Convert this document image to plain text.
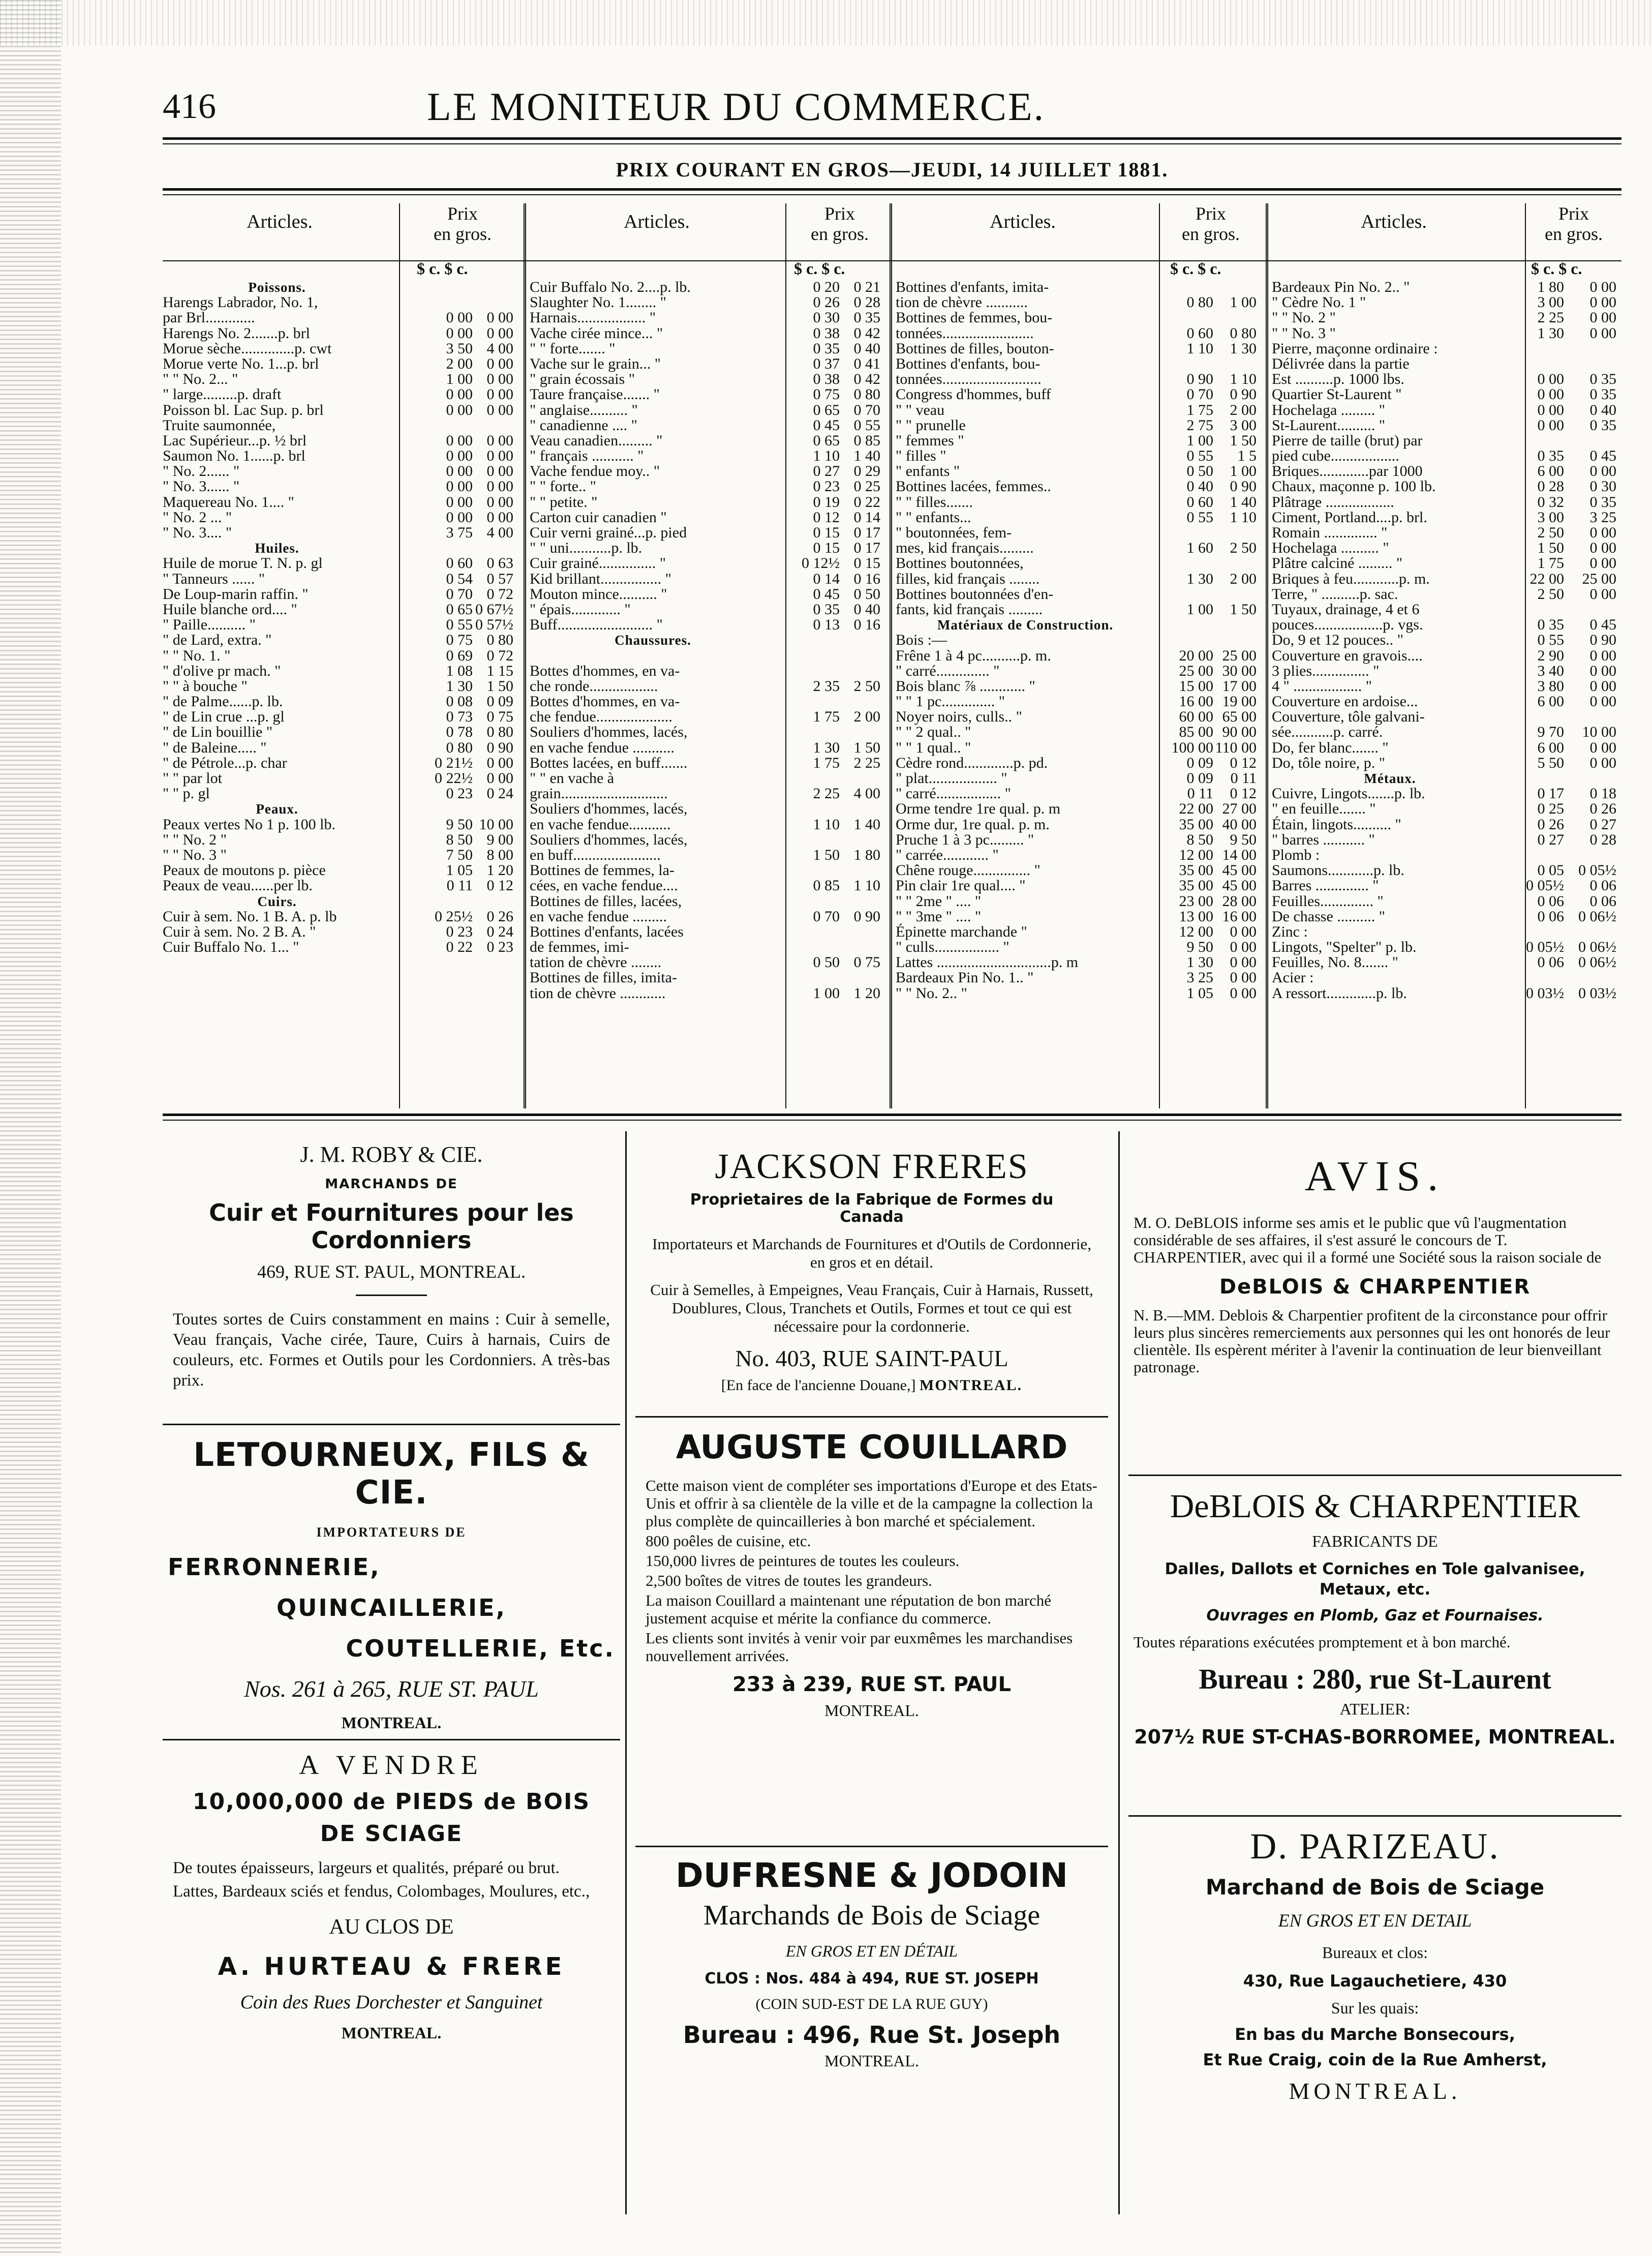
416	LE MONITEUR DU COMMERCE.
PRIX COURANT EN GROS—JEUDI, 14 JUILLET 1881.
Articles.	Prix
en gros.
$ c. $ c.
Poissons.
Harengs Labrador, No. 1,
par Brl.............	0 00 0 00
Harengs No. 2.......p. brl	0 00 0 00
Morue sèche..............p. cwt	3 50 4 00
Morue verte No. 1...p. brl	2 00 0 00
" " No. 2... "	1 00 0 00
" large.........p. draft	0 00 0 00
Poisson bl. Lac Sup. p. brl	0 00 0 00
Truite saumonnée,
Lac Supérieur...p. ½ brl	0 00 0 00
Saumon No. 1......p. brl	0 00 0 00
" No. 2...... "	0 00 0 00
" No. 3...... "	0 00 0 00
Maquereau No. 1.... "	0 00 0 00
" No. 2 ... "	0 00 0 00
" No. 3.... "	3 75 4 00
Huiles.
Huile de morue T. N. p. gl	0 60 0 63
" Tanneurs ...... "	0 54 0 57
De Loup-marin raffin. "	0 70 0 72
Huile blanche ord.... "	0 65 0 67½
" Paille.......... "	0 55 0 57½
" de Lard, extra. "	0 75 0 80
" " No. 1. "	0 69 0 72
" d'olive pr mach. "	1 08 1 15
" " à bouche "	1 30 1 50
" de Palme......p. lb.	0 08 0 09
" de Lin crue ...p. gl	0 73 0 75
" de Lin bouillie "	0 78 0 80
" de Baleine..... "	0 80 0 90
" de Pétrole...p. char	0 21½ 0 00
" " par lot	0 22½ 0 00
" " p. gl	0 23 0 24
Peaux.
Peaux vertes No 1 p. 100 lb.	9 50 10 00
" " No. 2 "	8 50 9 00
" " No. 3 "	7 50 8 00
Peaux de moutons p. pièce	1 05 1 20
Peaux de veau......per lb.	0 11 0 12
Cuirs.
Cuir à sem. No. 1 B. A. p. lb	0 25½ 0 26
Cuir à sem. No. 2 B. A. "	0 23 0 24
Cuir Buffalo No. 1... "	0 22 0 23
Articles.	Prix
en gros.
$ c. $ c.
Cuir Buffalo No. 2....p. lb.	0 20 0 21
Slaughter No. 1........ "	0 26 0 28
Harnais.................. "	0 30 0 35
Vache cirée mince... "	0 38 0 42
" " forte....... "	0 35 0 40
Vache sur le grain... "	0 37 0 41
" grain écossais "	0 38 0 42
Taure française....... "	0 75 0 80
" anglaise.......... "	0 65 0 70
" canadienne .... "	0 45 0 55
Veau canadien......... "	0 65 0 85
" français ........... "	1 10 1 40
Vache fendue moy.. "	0 27 0 29
" " forte.. "	0 23 0 25
" " petite. "	0 19 0 22
Carton cuir canadien "	0 12 0 14
Cuir verni grainé...p. pied	0 15 0 17
" " uni...........p. lb.	0 15 0 17
Cuir grainé............... "	0 12½ 0 15
Kid brillant................ "	0 14 0 16
Mouton mince.......... "	0 45 0 50
" épais............. "	0 35 0 40
Buff......................... "	0 13 0 16
Chaussures.
Bottes d'hommes, en va-
che ronde..................	2 35 2 50
Bottes d'hommes, en va-
che fendue....................	1 75 2 00
Souliers d'hommes, lacés,
en vache fendue ...........	1 30 1 50
Bottes lacées, en buff.......	1 75 2 25
" " en vache à
grain............................	2 25 4 00
Souliers d'hommes, lacés,
en vache fendue...........	1 10 1 40
Souliers d'hommes, lacés,
en buff.......................	1 50 1 80
Bottines de femmes, la-
cées, en vache fendue....	0 85 1 10
Bottines de filles, lacées,
en vache fendue .........	0 70 0 90
Bottines d'enfants, lacées
de femmes, imi-
tation de chèvre ........	0 50 0 75
Bottines de filles, imita-
tion de chèvre ............	1 00 1 20
Articles.	Prix
en gros.
$ c. $ c.
Bottines d'enfants, imita-
tion de chèvre ...........	0 80 1 00
Bottines de femmes, bou-
tonnées........................	0 60 0 80
Bottines de filles, bouton-	1 10 1 30
Bottines d'enfants, bou-
tonnées..........................	0 90 1 10
Congress d'hommes, buff	0 70 0 90
" " veau	1 75 2 00
" " prunelle	2 75 3 00
" femmes "	1 00 1 50
" filles "	0 55 1 5
" enfants "	0 50 1 00
Bottines lacées, femmes..	0 40 0 90
" " filles.......	0 60 1 40
" " enfants...	0 55 1 10
" boutonnées, fem-
mes, kid français.........	1 60 2 50
Bottines boutonnées,
filles, kid français ........	1 30 2 00
Bottines boutonnées d'en-
fants, kid français .........	1 00 1 50
Matériaux de Construction.
Bois :—
Frêne 1 à 4 pc..........p. m.	20 00 25 00
" carré.............. "	25 00 30 00
Bois blanc ⅞ ............ "	15 00 17 00
" " 1 pc.............. "	16 00 19 00
Noyer noirs, culls.. "	60 00 65 00
" " 2 qual.. "	85 00 90 00
" " 1 qual.. "	100 00 110 00
Cèdre rond.............p. pd.	0 09 0 12
" plat.................. "	0 09 0 11
" carré................. "	0 11 0 12
Orme tendre 1re qual. p. m	22 00 27 00
Orme dur, 1re qual. p. m.	35 00 40 00
Pruche 1 à 3 pc......... "	8 50 9 50
" carrée............ "	12 00 14 00
Chêne rouge............... "	35 00 45 00
Pin clair 1re qual.... "	35 00 45 00
" " 2me " .... "	23 00 28 00
" " 3me " .... "	13 00 16 00
Épinette marchande "	12 00 0 00
" culls................. "	9 50 0 00
Lattes ..............................p. m	1 30 0 00
Bardeaux Pin No. 1.. "	3 25 0 00
" " No. 2.. "	1 05 0 00
Articles.	Prix
en gros.
$ c. $ c.
Bardeaux Pin No. 2.. "	1 80 0 00
" Cèdre No. 1 "	3 00 0 00
" " No. 2 "	2 25 0 00
" " No. 3 "	1 30 0 00
Pierre, maçonne ordinaire :
Délivrée dans la partie
Est ..........p. 1000 lbs.	0 00 0 35
Quartier St-Laurent "	0 00 0 35
Hochelaga ......... "	0 00 0 40
St-Laurent.......... "	0 00 0 35
Pierre de taille (brut) par
pied cube..................	0 35 0 45
Briques.............par 1000	6 00 0 00
Chaux, maçonne p. 100 lb.	0 28 0 30
Plâtrage ..................	0 32 0 35
Ciment, Portland....p. brl.	3 00 3 25
Romain .............. "	2 50 0 00
Hochelaga .......... "	1 50 0 00
Plâtre calciné ......... "	1 75 0 00
Briques à feu............p. m.	22 00 25 00
Terre, " ..........p. sac.	2 50 0 00
Tuyaux, drainage, 4 et 6
pouces..................p. vgs.	0 35 0 45
Do, 9 et 12 pouces.. "	0 55 0 90
Couverture en gravois....	2 90 0 00
3 plies............... "	3 40 0 00
4 " .................. "	3 80 0 00
Couverture en ardoise...	6 00 0 00
Couverture, tôle galvani-
sée...........p. carré.	9 70 10 00
Do, fer blanc....... "	6 00 0 00
Do, tôle noire, p. "	5 50 0 00
Métaux.
Cuivre, Lingots.......p. lb.	0 17 0 18
" en feuille....... "	0 25 0 26
Étain, lingots.......... "	0 26 0 27
" barres ........... "	0 27 0 28
Plomb :
Saumons............p. lb.	0 05 0 05½
Barres .............. "	0 05½ 0 06
Feuilles.............. "	0 06 0 06
De chasse .......... "	0 06 0 06½
Zinc :
Lingots, "Spelter" p. lb.	0 05½ 0 06½
Feuilles, No. 8....... "	0 06 0 06½
Acier :
A ressort.............p. lb.	0 03½ 0 03½
J. M. ROBY & CIE.
MARCHANDS DE
Cuir et Fournitures pour les Cordonniers
469, RUE ST. PAUL, MONTREAL.
Toutes sortes de Cuirs constamment en mains : Cuir à semelle, Veau français, Vache cirée, Taure, Cuirs à harnais, Cuirs de couleurs, etc. Formes et Outils pour les Cordonniers. A très-bas prix.
LETOURNEUX, FILS & CIE.
IMPORTATEURS DE
FERRONNERIE,
QUINCAILLERIE,
COUTELLERIE, Etc.
Nos. 261 à 265, RUE ST. PAUL
MONTREAL.
A VENDRE
10,000,000 de PIEDS de BOIS
DE SCIAGE
De toutes épaisseurs, largeurs et qualités, préparé ou brut.
Lattes, Bardeaux sciés et fendus, Colombages, Moulures, etc.,
AU CLOS DE
A. HURTEAU & FRERE
Coin des Rues Dorchester et Sanguinet
MONTREAL.
JACKSON FRERES
Proprietaires de la Fabrique de Formes du Canada
Importateurs et Marchands de Fournitures et d'Outils de Cordonnerie, en gros et en détail.
Cuir à Semelles, à Empeignes, Veau Français, Cuir à Harnais, Russett, Doublures, Clous, Tranchets et Outils, Formes et tout ce qui est nécessaire pour la cordonnerie.
No. 403, RUE SAINT-PAUL
[En face de l'ancienne Douane,] MONTREAL.
AUGUSTE COUILLARD
Cette maison vient de compléter ses importations d'Europe et des Etats-Unis et offrir à sa clientèle de la ville et de la campagne la collection la plus complète de quincailleries à bon marché et spécialement.
800 poêles de cuisine, etc.
150,000 livres de peintures de toutes les couleurs.
2,500 boîtes de vitres de toutes les grandeurs.
La maison Couillard a maintenant une réputation de bon marché justement acquise et mérite la confiance du commerce.
Les clients sont invités à venir voir par euxmêmes les marchandises nouvellement arrivées.
233 à 239, RUE ST. PAUL
MONTREAL.
DUFRESNE & JODOIN
Marchands de Bois de Sciage
EN GROS ET EN DÉTAIL
CLOS : Nos. 484 à 494, RUE ST. JOSEPH
(COIN SUD-EST DE LA RUE GUY)
Bureau : 496, Rue St. Joseph
MONTREAL.
AVIS.
M. O. DeBLOIS informe ses amis et le public que vû l'augmentation considérable de ses affaires, il s'est assuré le concours de T. CHARPENTIER, avec qui il a formé une Société sous la raison sociale de
DeBLOIS & CHARPENTIER
N. B.—MM. Deblois & Charpentier profitent de la circonstance pour offrir leurs plus sincères remerciements aux personnes qui les ont honorés de leur clientèle. Ils espèrent mériter à l'avenir la continuation de leur bienveillant patronage.
DeBLOIS & CHARPENTIER
FABRICANTS DE
Dalles, Dallots et Corniches en Tole galvanisee, Metaux, etc.
Ouvrages en Plomb, Gaz et Fournaises.
Toutes réparations exécutées promptement et à bon marché.
Bureau : 280, rue St-Laurent
ATELIER:
207½ RUE ST-CHAS-BORROMEE, MONTREAL.
D. PARIZEAU.
Marchand de Bois de Sciage
EN GROS ET EN DETAIL
Bureaux et clos:
430, Rue Lagauchetiere, 430
Sur les quais:
En bas du Marche Bonsecours,
Et Rue Craig, coin de la Rue Amherst,
MONTREAL.
